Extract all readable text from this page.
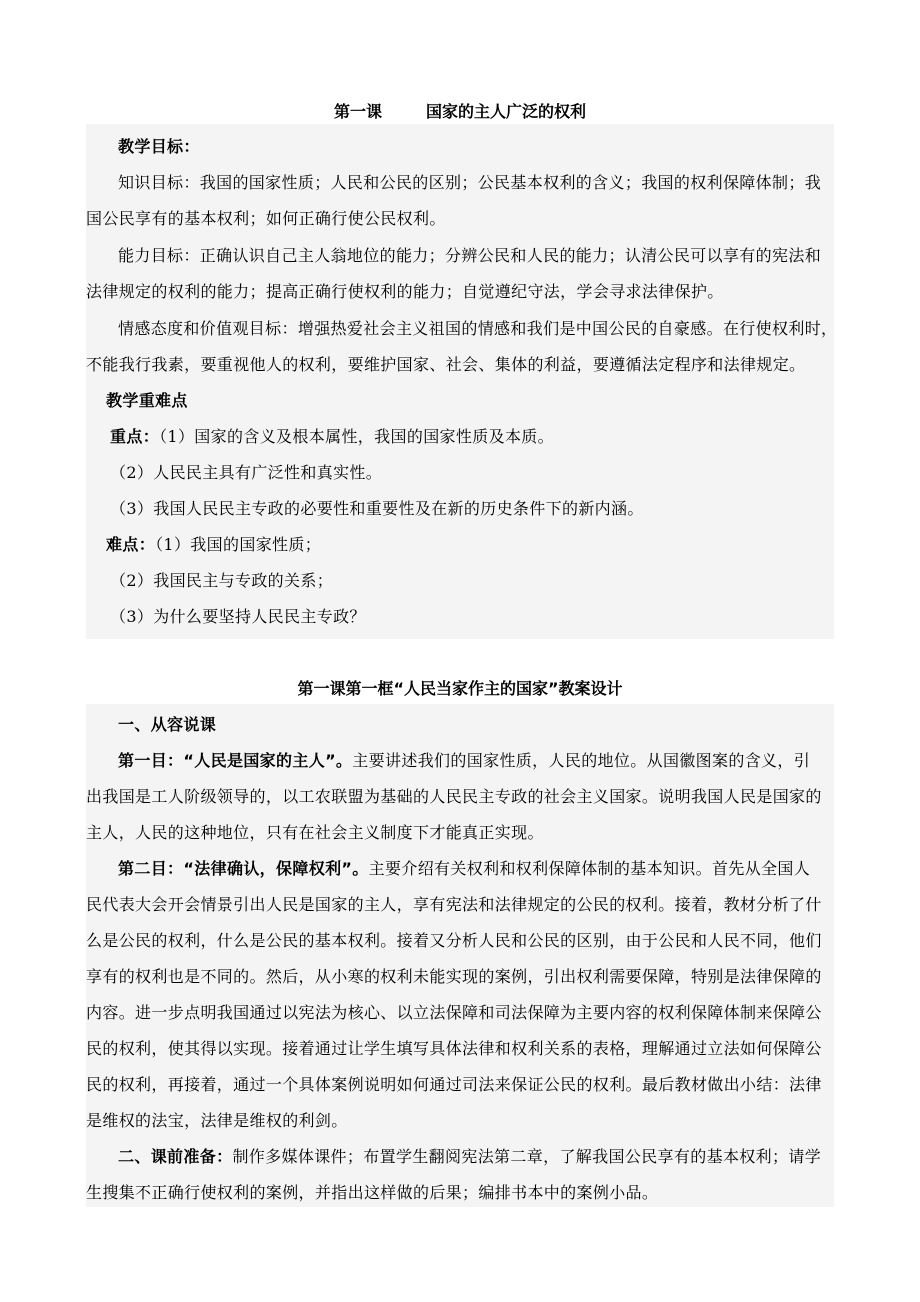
第一课	国家的主人广泛的权利
教学目标：
知识目标：我国的国家性质；人民和公民的区别；公民基本权利的含义；我国的权利保障体制；我
国公民享有的基本权利；如何正确行使公民权利。
能力目标：正确认识自己主人翁地位的能力；分辨公民和人民的能力；认清公民可以享有的宪法和
法律规定的权利的能力；提高正确行使权利的能力；自觉遵纪守法，学会寻求法律保护。
情感态度和价值观目标：增强热爱社会主义祖国的情感和我们是中国公民的自豪感。在行使权利时，
不能我行我素，要重视他人的权利，要维护国家、社会、集体的利益，要遵循法定程序和法律规定。
教学重难点
重点：（1）国家的含义及根本属性，我国的国家性质及本质。
（2）人民民主具有广泛性和真实性。
（3）我国人民民主专政的必要性和重要性及在新的历史条件下的新内涵。
难点：（1）我国的国家性质；
（2）我国民主与专政的关系；
（3）为什么要坚持人民民主专政？
第一课第一框“人民当家作主的国家”教案设计
一、从容说课
第一目：“人民是国家的主人”。主要讲述我们的国家性质，人民的地位。从国徽图案的含义，引
出我国是工人阶级领导的，以工农联盟为基础的人民民主专政的社会主义国家。说明我国人民是国家的
主人，人民的这种地位，只有在社会主义制度下才能真正实现。
第二目：“法律确认，保障权利”。主要介绍有关权利和权利保障体制的基本知识。首先从全国人
民代表大会开会情景引出人民是国家的主人，享有宪法和法律规定的公民的权利。接着，教材分析了什
么是公民的权利，什么是公民的基本权利。接着又分析人民和公民的区别，由于公民和人民不同，他们
享有的权利也是不同的。然后，从小寒的权利未能实现的案例，引出权利需要保障，特别是法律保障的
内容。进一步点明我国通过以宪法为核心、以立法保障和司法保障为主要内容的权利保障体制来保障公
民的权利，使其得以实现。接着通过让学生填写具体法律和权利关系的表格，理解通过立法如何保障公
民的权利，再接着，通过一个具体案例说明如何通过司法来保证公民的权利。最后教材做出小结：法律
是维权的法宝，法律是维权的利剑。
二、课前准备：制作多媒体课件；布置学生翻阅宪法第二章，了解我国公民享有的基本权利；请学
生搜集不正确行使权利的案例，并指出这样做的后果；编排书本中的案例小品。
